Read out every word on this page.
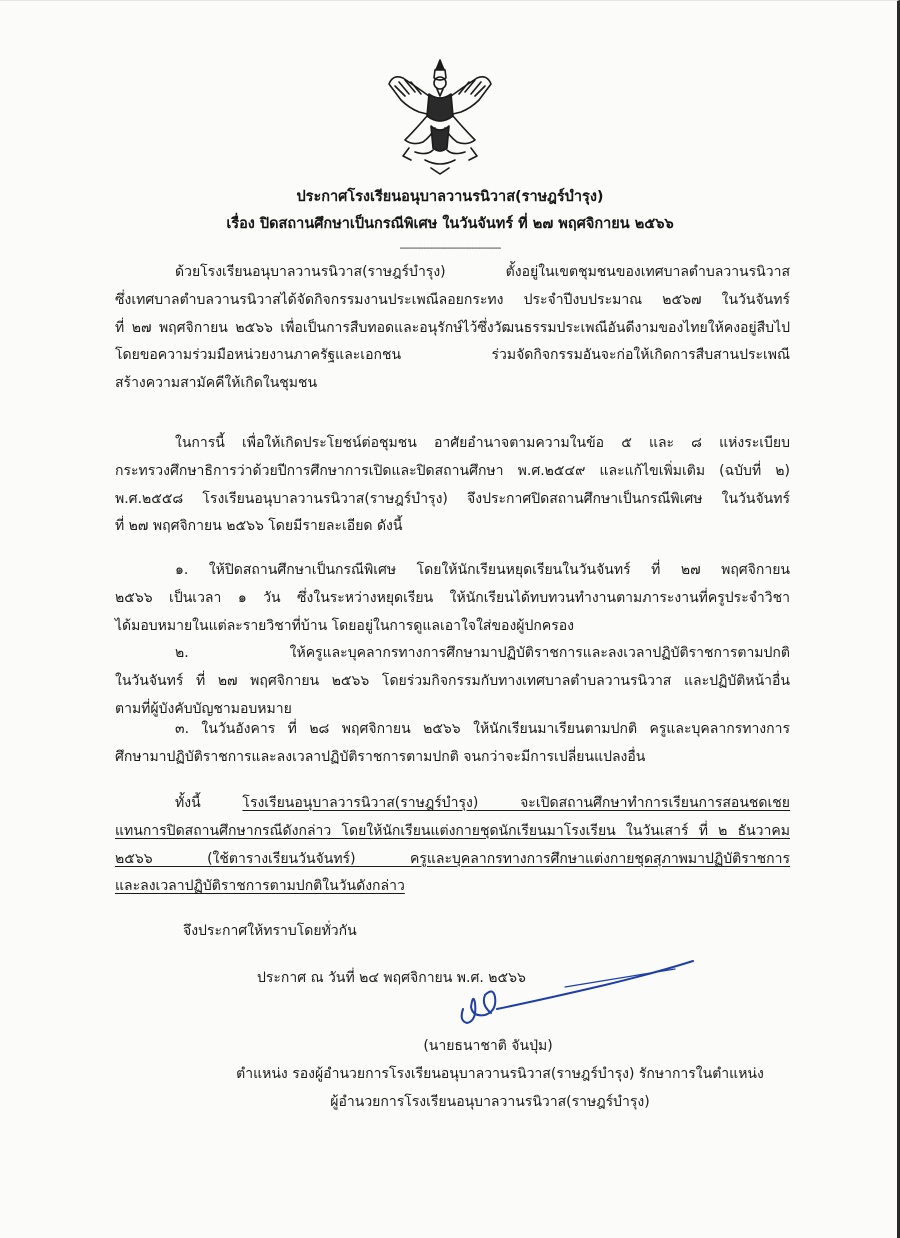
ประกาศโรงเรียนอนุบาลวานรนิวาส(ราษฎร์บำรุง)
เรื่อง ปิดสถานศึกษาเป็นกรณีพิเศษ ในวันจันทร์ ที่ ๒๗ พฤศจิกายน ๒๕๖๖
----------------------------------
ด้วยโรงเรียนอนุบาลวานรนิวาส(ราษฎร์บำรุง) ตั้งอยู่ในเขตชุมชนของเทศบาลตำบลวานรนิวาส
ซึ่งเทศบาลตำบลวานรนิวาสได้จัดกิจกรรมงานประเพณีลอยกระทง ประจำปีงบประมาณ ๒๕๖๗ ในวันจันทร์
ที่ ๒๗ พฤศจิกายน ๒๕๖๖ เพื่อเป็นการสืบทอดและอนุรักษ์ไว้ซึ่งวัฒนธรรมประเพณีอันดีงามของไทยให้คงอยู่สืบไป
โดยขอความร่วมมือหน่วยงานภาครัฐและเอกชน ร่วมจัดกิจกรรมอันจะก่อให้เกิดการสืบสานประเพณี
สร้างความสามัคคีให้เกิดในชุมชน
ในการนี้ เพื่อให้เกิดประโยชน์ต่อชุมชน อาศัยอำนาจตามความในข้อ ๕ และ ๘ แห่งระเบียบ
กระทรวงศึกษาธิการว่าด้วยปีการศึกษาการเปิดและปิดสถานศึกษา พ.ศ.๒๕๔๙ และแก้ไขเพิ่มเติม (ฉบับที่ ๒)
พ.ศ.๒๕๕๘ โรงเรียนอนุบาลวานรนิวาส(ราษฎร์บำรุง) จึงประกาศปิดสถานศึกษาเป็นกรณีพิเศษ ในวันจันทร์
ที่ ๒๗ พฤศจิกายน ๒๕๖๖ โดยมีรายละเอียด ดังนี้
๑. ให้ปิดสถานศึกษาเป็นกรณีพิเศษ โดยให้นักเรียนหยุดเรียนในวันจันทร์ ที่ ๒๗ พฤศจิกายน
๒๕๖๖ เป็นเวลา ๑ วัน ซึ่งในระหว่างหยุดเรียน ให้นักเรียนได้ทบทวนทำงานตามภาระงานที่ครูประจำวิชา
ได้มอบหมายในแต่ละรายวิชาที่บ้าน โดยอยู่ในการดูแลเอาใจใส่ของผู้ปกครอง
๒. ให้ครูและบุคลากรทางการศึกษามาปฏิบัติราชการและลงเวลาปฏิบัติราชการตามปกติ
ในวันจันทร์ ที่ ๒๗ พฤศจิกายน ๒๕๖๖ โดยร่วมกิจกรรมกับทางเทศบาลตำบลวานรนิวาส และปฏิบัติหน้าอื่น
ตามที่ผู้บังคับบัญชามอบหมาย
๓. ในวันอังคาร ที่ ๒๘ พฤศจิกายน ๒๕๖๖ ให้นักเรียนมาเรียนตามปกติ ครูและบุคลากรทางการ
ศึกษามาปฏิบัติราชการและลงเวลาปฏิบัติราชการตามปกติ จนกว่าจะมีการเปลี่ยนแปลงอื่น
ทั้งนี้ โรงเรียนอนุบาลวารนิวาส(ราษฎร์บำรุง) จะเปิดสถานศึกษาทำการเรียนการสอนชดเชย
แทนการปิดสถานศึกษากรณีดังกล่าว โดยให้นักเรียนแต่งกายชุดนักเรียนมาโรงเรียน ในวันเสาร์ ที่ ๒ ธันวาคม
๒๕๖๖ (ใช้ตารางเรียนวันจันทร์) ครูและบุคลากรทางการศึกษาแต่งกายชุดสุภาพมาปฏิบัติราชการ
และลงเวลาปฏิบัติราชการตามปกติในวันดังกล่าว
จึงประกาศให้ทราบโดยทั่วกัน
ประกาศ ณ วันที่ ๒๔ พฤศจิกายน พ.ศ. ๒๕๖๖
(นายธนาชาติ จันปุ่ม)
ตำแหน่ง รองผู้อำนวยการโรงเรียนอนุบาลวานรนิวาส(ราษฎร์บำรุง) รักษาการในตำแหน่ง
ผู้อำนวยการโรงเรียนอนุบาลวานรนิวาส(ราษฎร์บำรุง)
